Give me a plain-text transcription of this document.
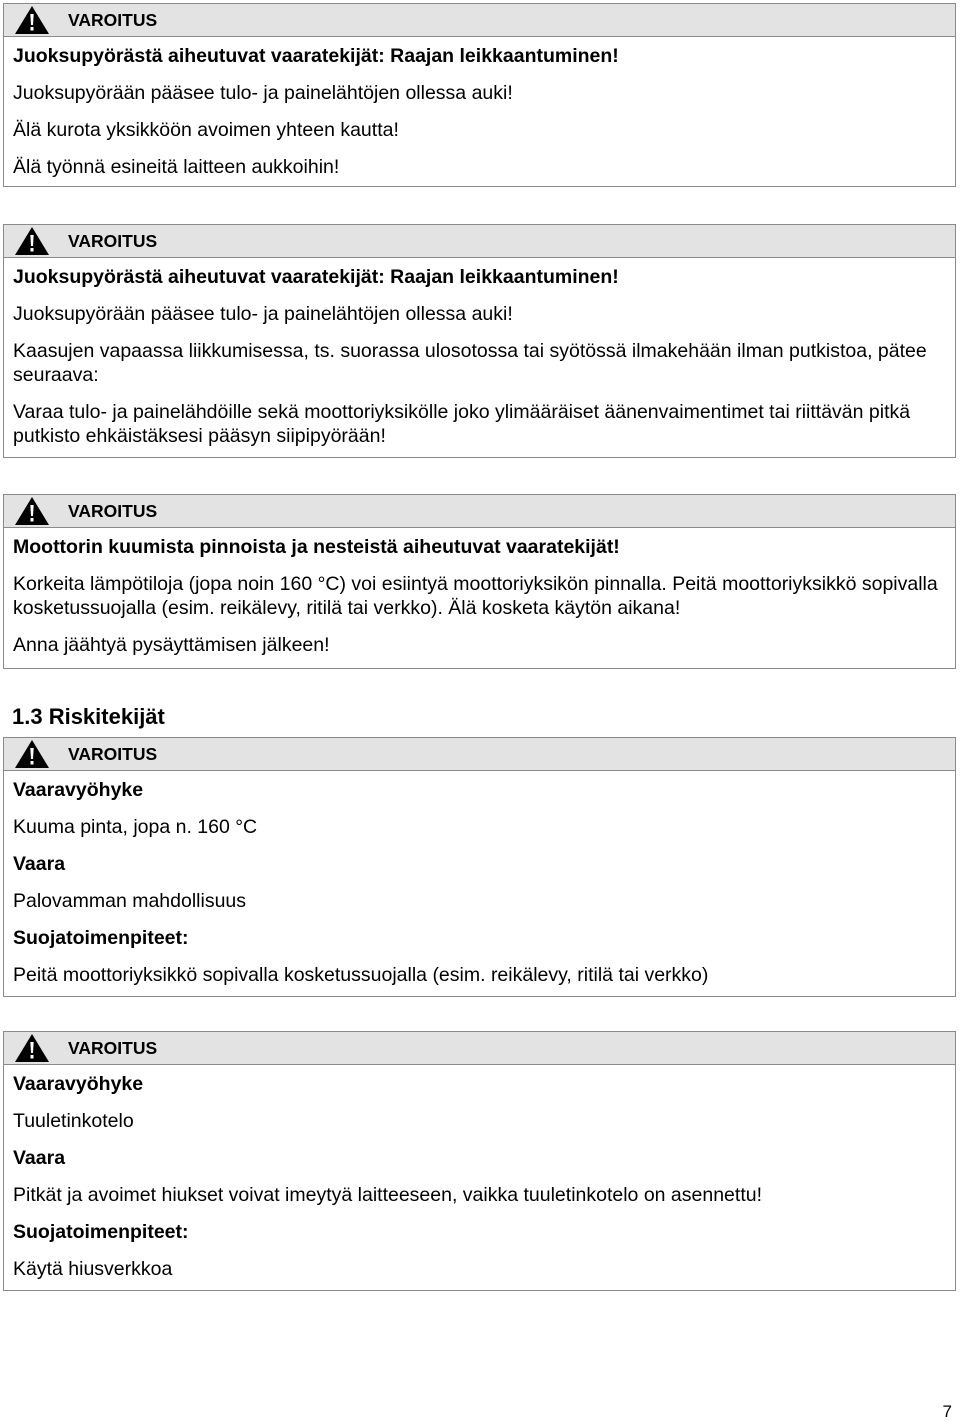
VAROITUS
Juoksupyörästä aiheutuvat vaaratekijät: Raajan leikkaantuminen!
Juoksupyörään pääsee tulo- ja painelähtöjen ollessa auki!
Älä kurota yksikköön avoimen yhteen kautta!
Älä työnnä esineitä laitteen aukkoihin!
VAROITUS
Juoksupyörästä aiheutuvat vaaratekijät: Raajan leikkaantuminen!
Juoksupyörään pääsee tulo- ja painelähtöjen ollessa auki!
Kaasujen vapaassa liikkumisessa, ts. suorassa ulosotossa tai syötössä ilmakehään ilman putkistoa, pätee seuraava:
Varaa tulo- ja painelähdöille sekä moottoriyksikölle joko ylimääräiset äänenvaimentimet tai riittävän pitkä putkisto ehkäistäksesi pääsyn siipipyörään!
VAROITUS
Moottorin kuumista pinnoista ja nesteistä aiheutuvat vaaratekijät!
Korkeita lämpötiloja (jopa noin 160 °C) voi esiintyä moottoriyksikön pinnalla. Peitä moottoriyksikkö sopivalla kosketussuojalla (esim. reikälevy, ritilä tai verkko). Älä kosketa käytön aikana!
Anna jäähtyä pysäyttämisen jälkeen!
1.3 Riskitekijät
VAROITUS
Vaaravyöhyke
Kuuma pinta, jopa n. 160 °C
Vaara
Palovamman mahdollisuus
Suojatoimenpiteet:
Peitä moottoriyksikkö sopivalla kosketussuojalla (esim. reikälevy, ritilä tai verkko)
VAROITUS
Vaaravyöhyke
Tuuletinkotelo
Vaara
Pitkät ja avoimet hiukset voivat imeytyä laitteeseen, vaikka tuuletinkotelo on asennettu!
Suojatoimenpiteet:
Käytä hiusverkkoa
7
